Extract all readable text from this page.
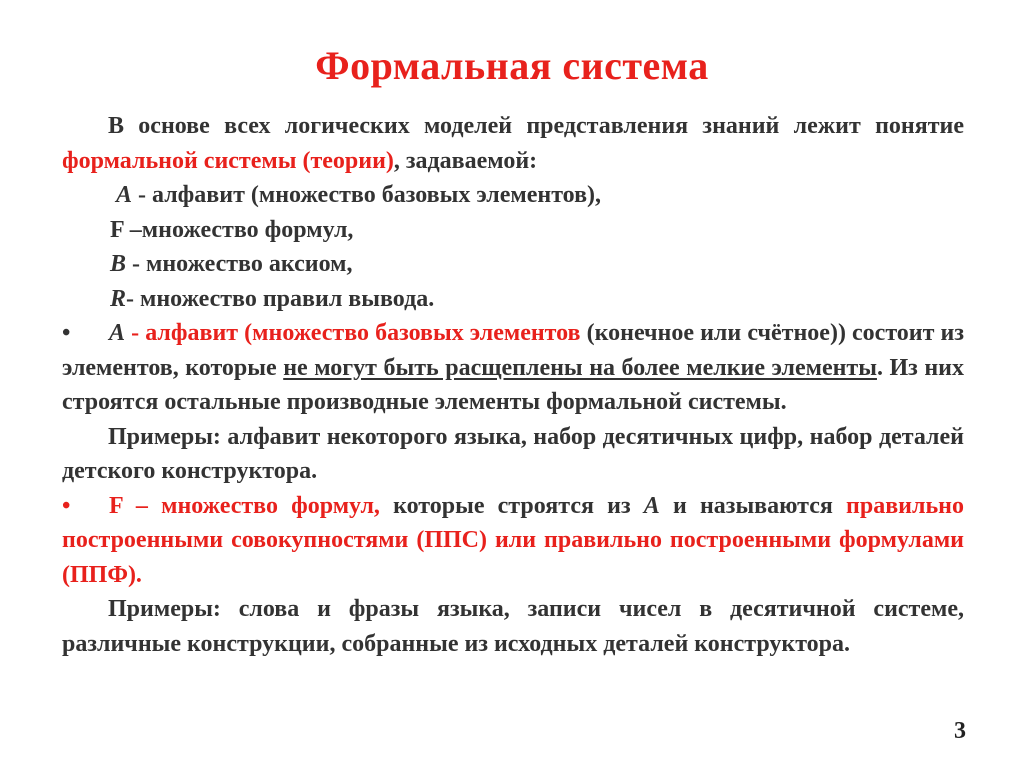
Формальная система

В основе всех логических моделей представления знаний лежит понятие формальной системы (теории), задаваемой:

A - алфавит (множество базовых элементов),

F –множество формул,

B - множество аксиом,

R- множество правил вывода.

• A - алфавит (множество базовых элементов (конечное или счётное)) состоит из элементов, которые не могут быть расщеплены на более мелкие элементы. Из них строятся остальные производные элементы формальной системы.

Примеры: алфавит некоторого языка, набор десятичных цифр, набор деталей детского конструктора.

• F – множество формул, которые строятся из A и называются правильно построенными совокупностями (ППС) или правильно построенными формулами (ППФ).

Примеры: слова и фразы языка, записи чисел в десятичной системе, различные конструкции, собранные из исходных деталей конструктора.

3
